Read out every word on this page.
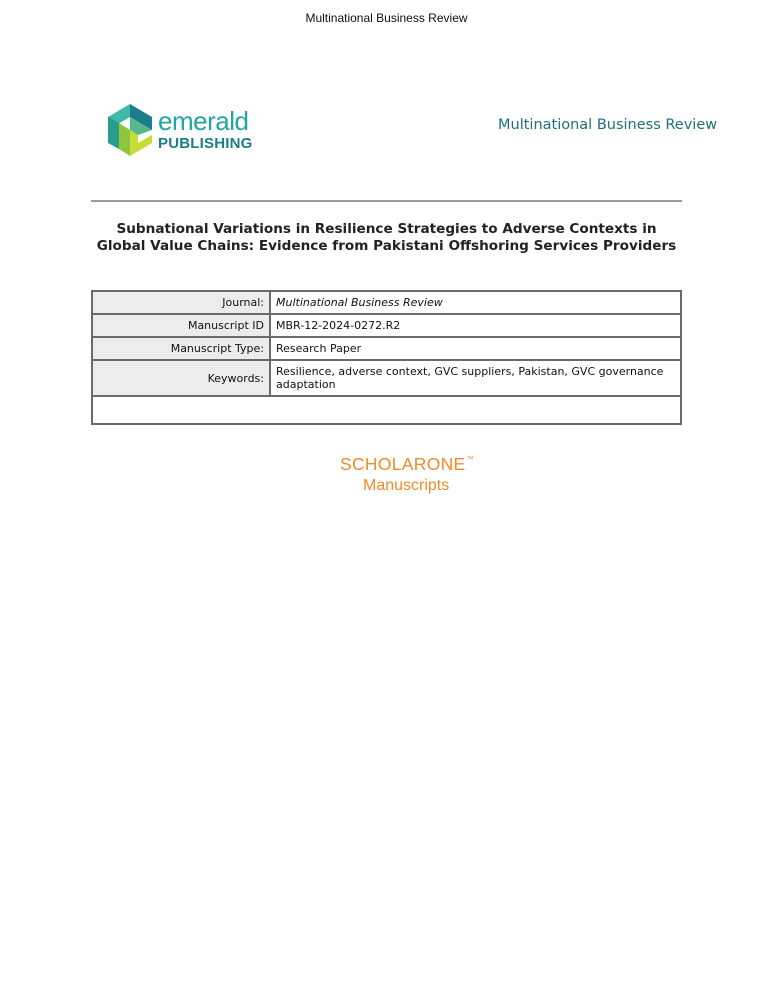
Multinational Business Review
emerald
PUBLISHING
Multinational Business Review
Subnational Variations in Resilience Strategies to Adverse Contexts in Global Value Chains: Evidence from Pakistani Offshoring Services Providers
Journal:	Multinational Business Review
Manuscript ID	MBR-12-2024-0272.R2
Manuscript Type:	Research Paper
Keywords:	Resilience, adverse context, GVC suppliers, Pakistan, GVC governance adaptation

SCHOLARONE™
Manuscripts
